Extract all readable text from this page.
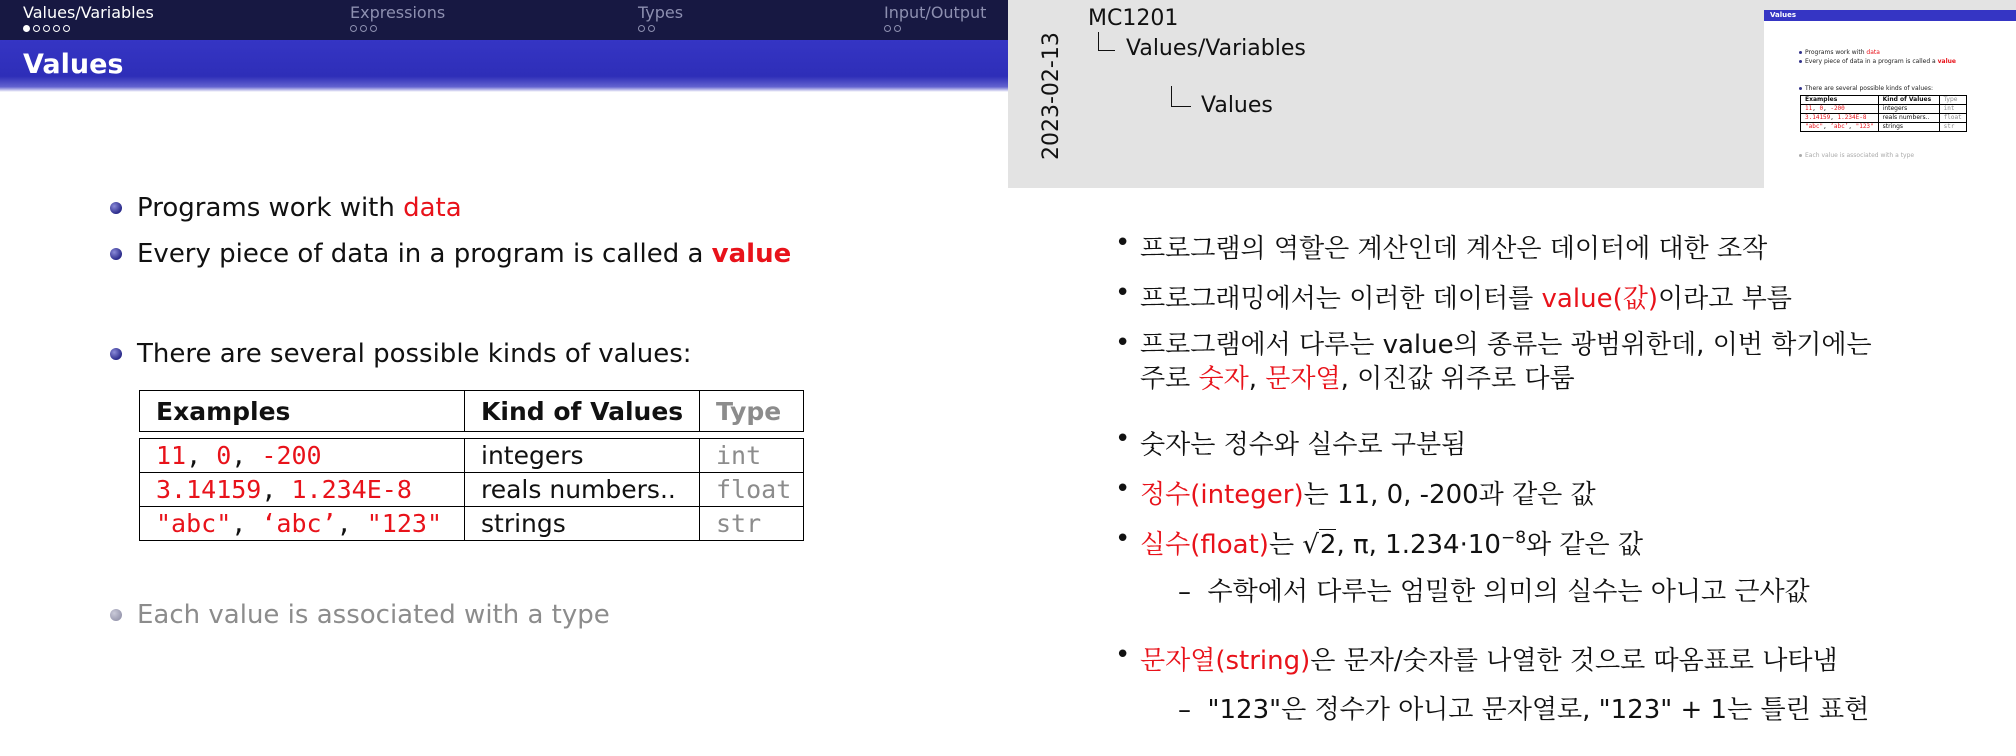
Values/Variables	Expressions	Types	Input/Output
Values
Programs work with
data
Every piece of data in a program is called a
value
There are several possible kinds of values:
Examples	Kind of Values	Type

11, 0, -200	integers	int
3.14159, 1.234E-8	reals numbers..	float
"abc", ‘abc’, "123"	strings	str
Each value is associated with a type
2023-02-13
MC1201
Values/Variables
Values
Values
Programs work with data
Every piece of data in a program is called a value
There are several possible kinds of values:
Examples	Kind of Values	Type
11, 0, -200	integers	int
3.14159, 1.234E-8	reals numbers..	float
"abc", ‘abc’, "123"	strings	str
Each value is associated with a type
• 프로그램의 역할은 계산인데 계산은 데이터에 대한 조작
• 프로그래밍에서는 이러한 데이터를 value(값)이라고 부름
• 프로그램에서 다루는 value의 종류는 광범위한데, 이번 학기에는
주로 숫자, 문자열, 이진값 위주로 다룸
• 숫자는 정수와 실수로 구분됨
• 정수(integer)는 11, 0, -200과 같은 값
• 실수(float)는 √2, π, $1.234\cdot 10^{-8}$와 같은 값
–  수학에서 다루는 엄밀한 의미의 실수는 아니고 근사값
• 문자열(string)은 문자/숫자를 나열한 것으로 따옴표로 나타냄
–  "123"은 정수가 아니고 문자열로, "123" + 1는 틀린 표현
